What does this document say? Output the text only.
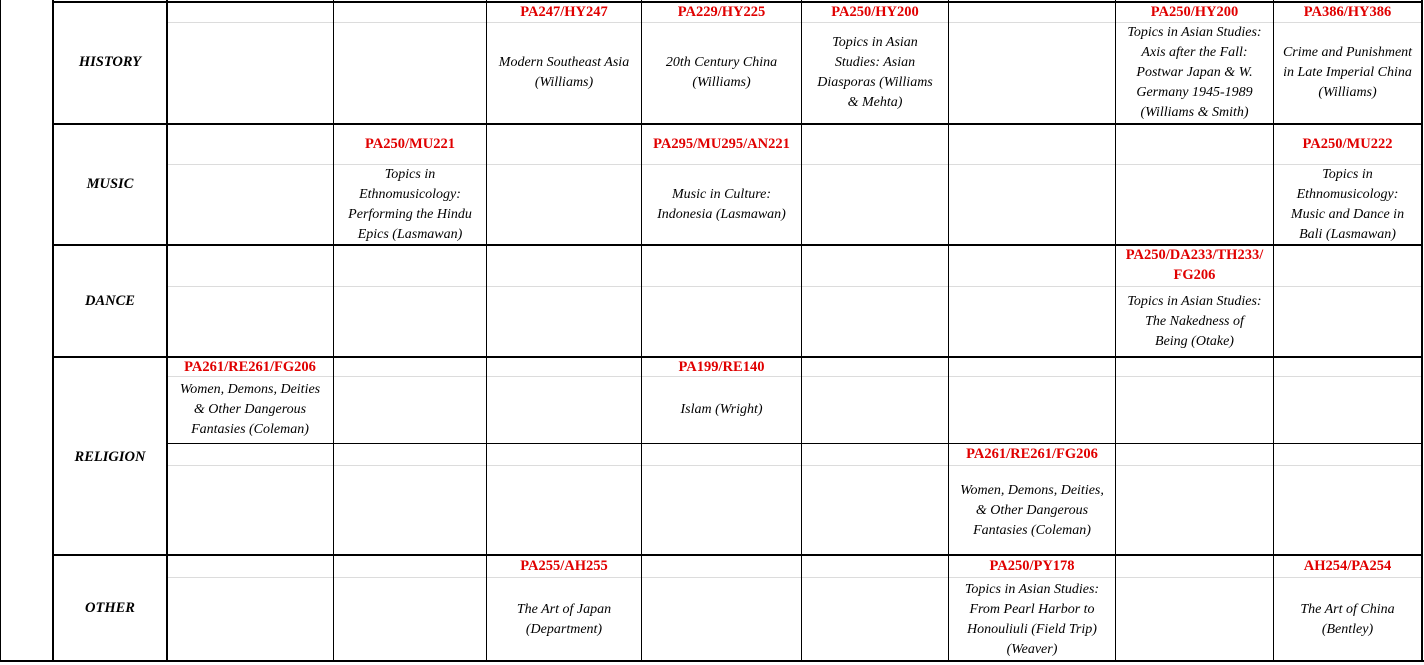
HISTORY
MUSIC
DANCE
RELIGION
OTHER
PA247/HY247
Modern Southeast Asia
(Williams)
PA229/HY225
20th Century China
(Williams)
PA250/HY200
Topics in Asian
Studies: Asian
Diasporas (Williams
& Mehta)
PA250/HY200
Topics in Asian Studies:
Axis after the Fall:
Postwar Japan & W.
Germany 1945-1989
(Williams & Smith)
PA386/HY386
Crime and Punishment
in Late Imperial China
(Williams)
PA250/MU221
Topics in
Ethnomusicology:
Performing the Hindu
Epics (Lasmawan)
PA295/MU295/AN221
Music in Culture:
Indonesia (Lasmawan)
PA250/MU222
Topics in
Ethnomusicology:
Music and Dance in
Bali (Lasmawan)
PA250/DA233/TH233/
FG206
Topics in Asian Studies:
The Nakedness of
Being (Otake)
PA261/RE261/FG206
Women, Demons, Deities
& Other Dangerous
Fantasies (Coleman)
PA199/RE140
Islam (Wright)
PA261/RE261/FG206
Women, Demons, Deities,
& Other Dangerous
Fantasies (Coleman)
PA255/AH255
The Art of Japan
(Department)
PA250/PY178
Topics in Asian Studies:
From Pearl Harbor to
Honouliuli (Field Trip)
(Weaver)
AH254/PA254
The Art of China
(Bentley)
